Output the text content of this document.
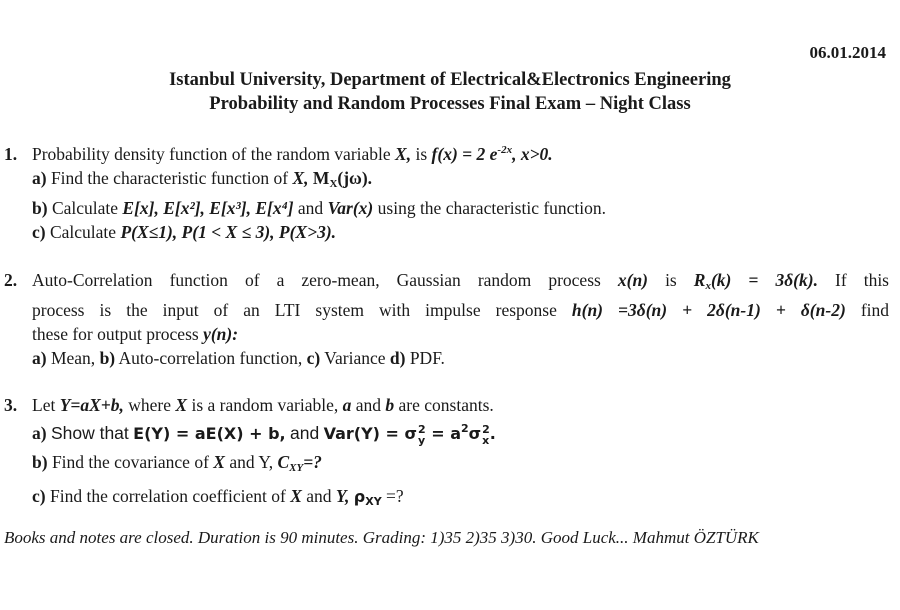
06.01.2014
Istanbul University, Department of Electrical&Electronics Engineering
Probability and Random Processes Final Exam – Night Class
1. Probability density function of the random variable X, is f(x) = 2 $e^{-2x}$, x>0.
a) Find the characteristic function of X, MX(jω).
b) Calculate E[x], E[x²], E[x³], E[x⁴] and Var(x) using the characteristic function.
c) Calculate P(X≤1), P(1 < X ≤ 3), P(X>3).
2. Auto-Correlation function of a zero-mean, Gaussian random process x(n) is Rx(k) = 3δ(k). If this
process is the input of an LTI system with impulse response h(n) =3δ(n) + 2δ(n-1) + δ(n-2) find
these for output process y(n):
a) Mean, b) Auto-correlation function, c) Variance d) PDF.
3. Let Y=aX+b, where X is a random variable, a and b are constants.
a) Show that E(Y) = aE(X) + b, and Var(Y) = σ 2
$y = a^2\sigma$ 2
x .
b) Find the covariance of X and Y, CXY=?
c) Find the correlation coefficient of X and Y, ρXY =?
Books and notes are closed. Duration is 90 minutes. Grading: 1)35 2)35 3)30. Good Luck... Mahmut ÖZTÜRK
